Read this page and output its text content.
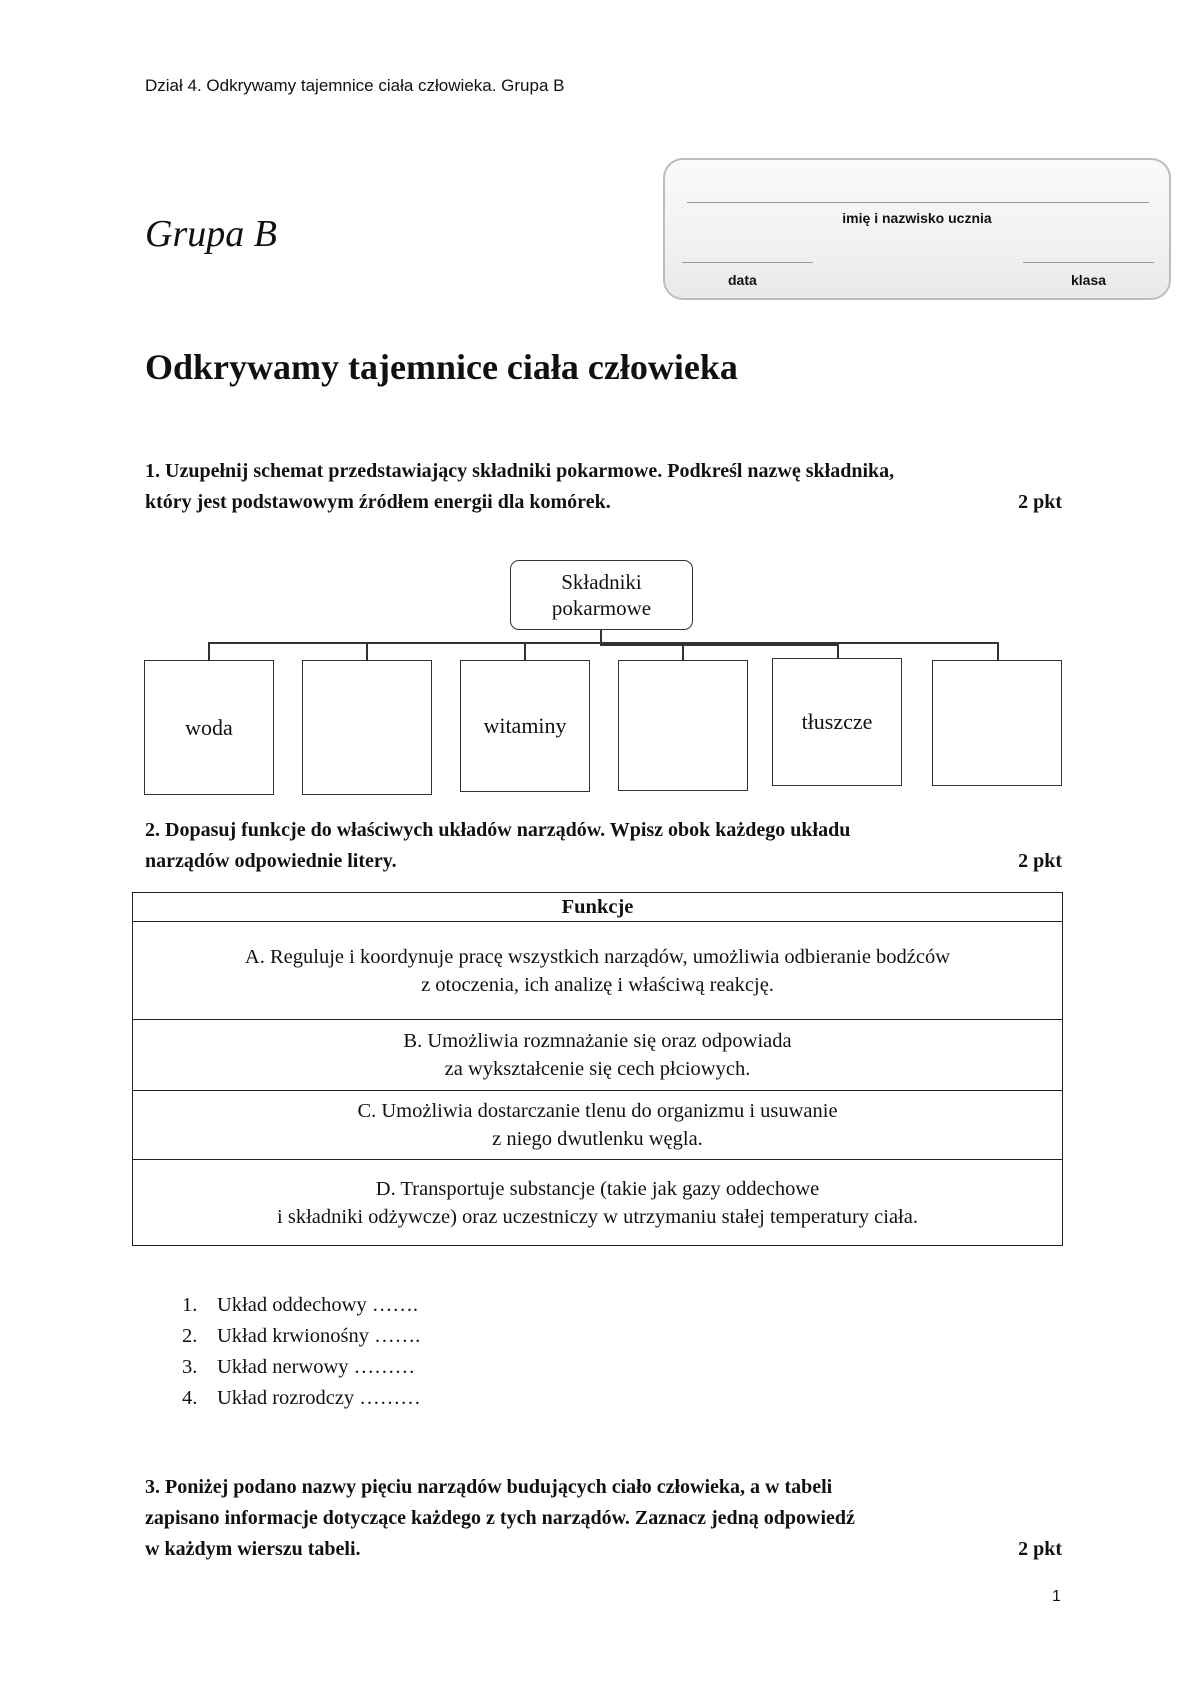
Dział 4. Odkrywamy tajemnice ciała człowieka. Grupa B
Grupa B	imię i nazwisko ucznia
data	klasa
Odkrywamy tajemnice ciała człowieka
1. Uzupełnij schemat przedstawiający składniki pokarmowe. Podkreśl nazwę składnika,
który jest podstawowym źródłem energii dla komórek.	2 pkt
Składniki
pokarmowe
woda	witaminy	tłuszcze
2. Dopasuj funkcje do właściwych układów narządów. Wpisz obok każdego układu
narządów odpowiednie litery.	2 pkt
Funkcje

A. Reguluje i koordynuje pracę wszystkich narządów, umożliwia odbieranie bodźców
z otoczenia, ich analizę i właściwą reakcję.

B. Umożliwia rozmnażanie się oraz odpowiada
za wykształcenie się cech płciowych.

C. Umożliwia dostarczanie tlenu do organizmu i usuwanie
z niego dwutlenku węgla.

D. Transportuje substancje (takie jak gazy oddechowe
i składniki odżywcze) oraz uczestniczy w utrzymaniu stałej temperatury ciała.
1. Układ oddechowy …….
2. Układ krwionośny …….
3. Układ nerwowy ………
4. Układ rozrodczy ………
3. Poniżej podano nazwy pięciu narządów budujących ciało człowieka, a w tabeli
zapisano informacje dotyczące każdego z tych narządów. Zaznacz jedną odpowiedź
w każdym wierszu tabeli.	2 pkt
1
